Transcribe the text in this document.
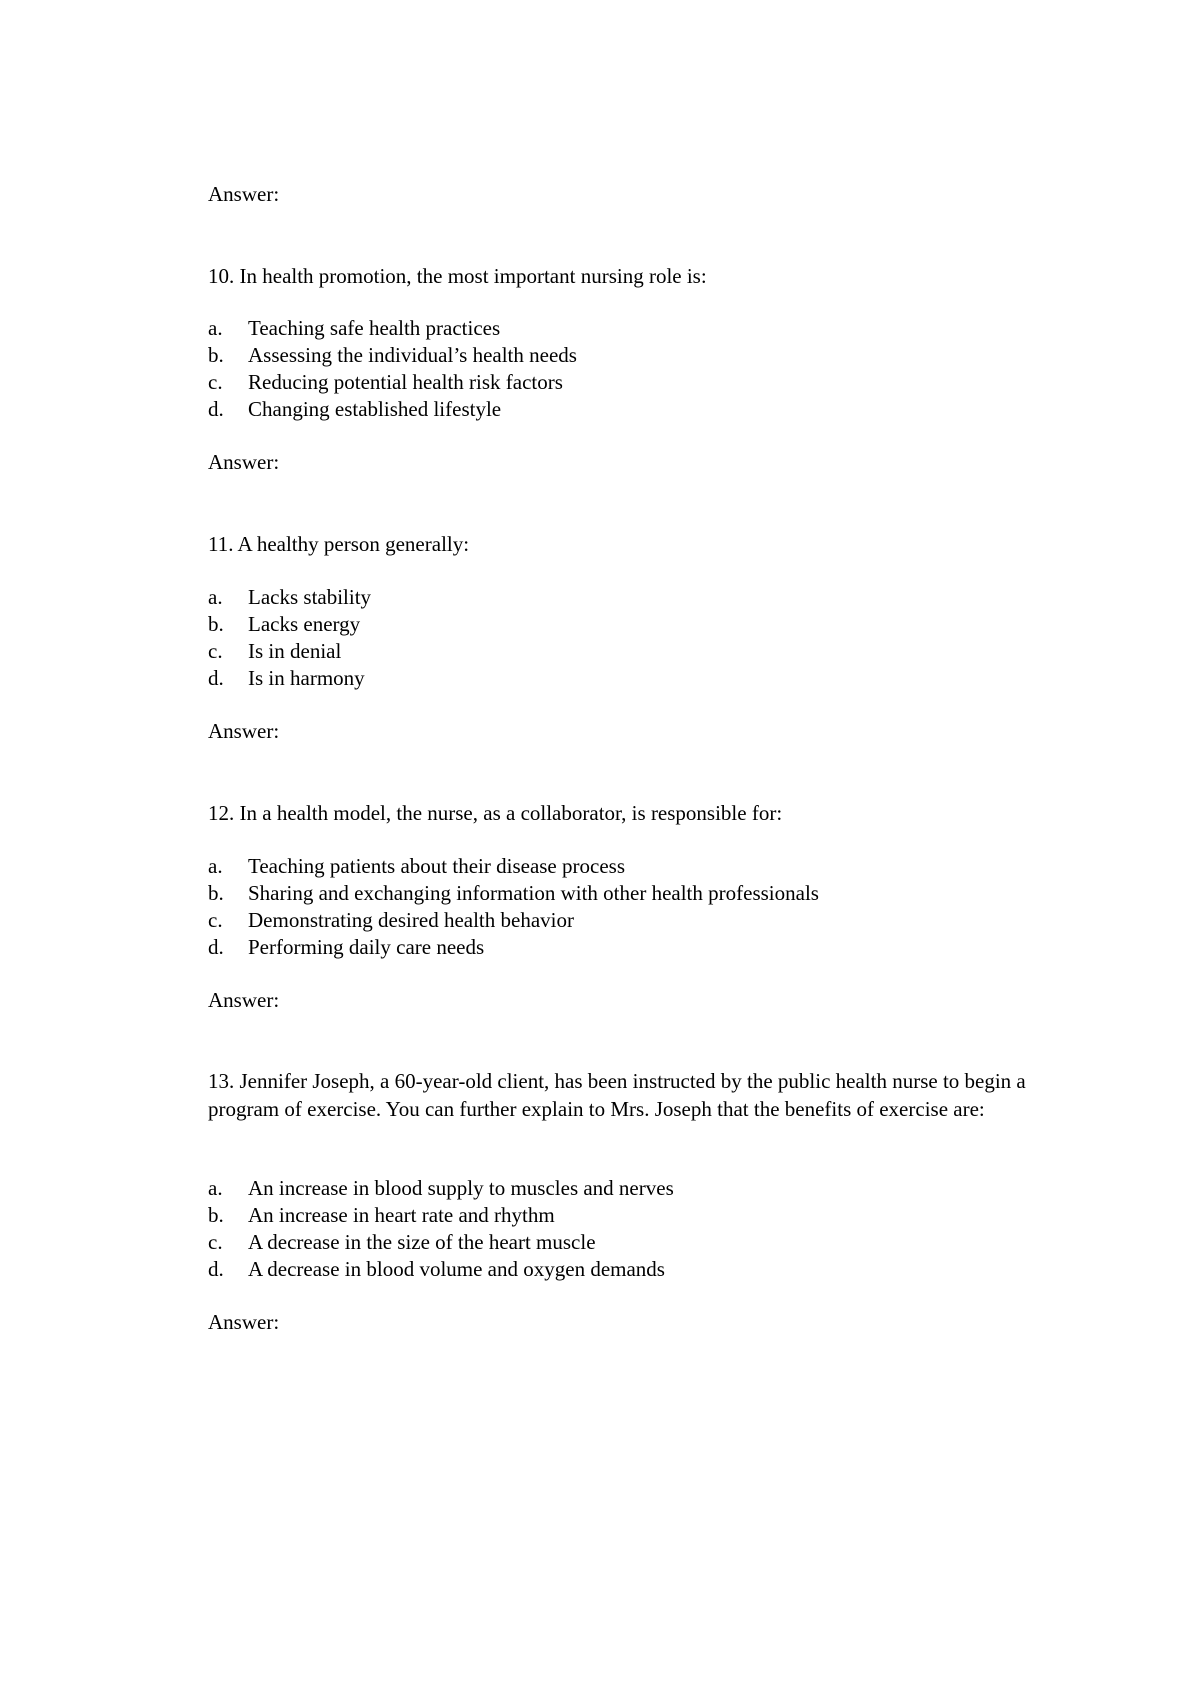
Answer:
10. In health promotion, the most important nursing role is:
a. Teaching safe health practices
b. Assessing the individual’s health needs
c. Reducing potential health risk factors
d. Changing established lifestyle
Answer:
11. A healthy person generally:
a. Lacks stability
b. Lacks energy
c. Is in denial
d. Is in harmony
Answer:
12. In a health model, the nurse, as a collaborator, is responsible for:
a. Teaching patients about their disease process
b. Sharing and exchanging information with other health professionals
c. Demonstrating desired health behavior
d. Performing daily care needs
Answer:
13. Jennifer Joseph, a 60-year-old client, has been instructed by the public health nurse to begin a program of exercise. You can further explain to Mrs. Joseph that the benefits of exercise are:
a. An increase in blood supply to muscles and nerves
b. An increase in heart rate and rhythm
c. A decrease in the size of the heart muscle
d. A decrease in blood volume and oxygen demands
Answer:
